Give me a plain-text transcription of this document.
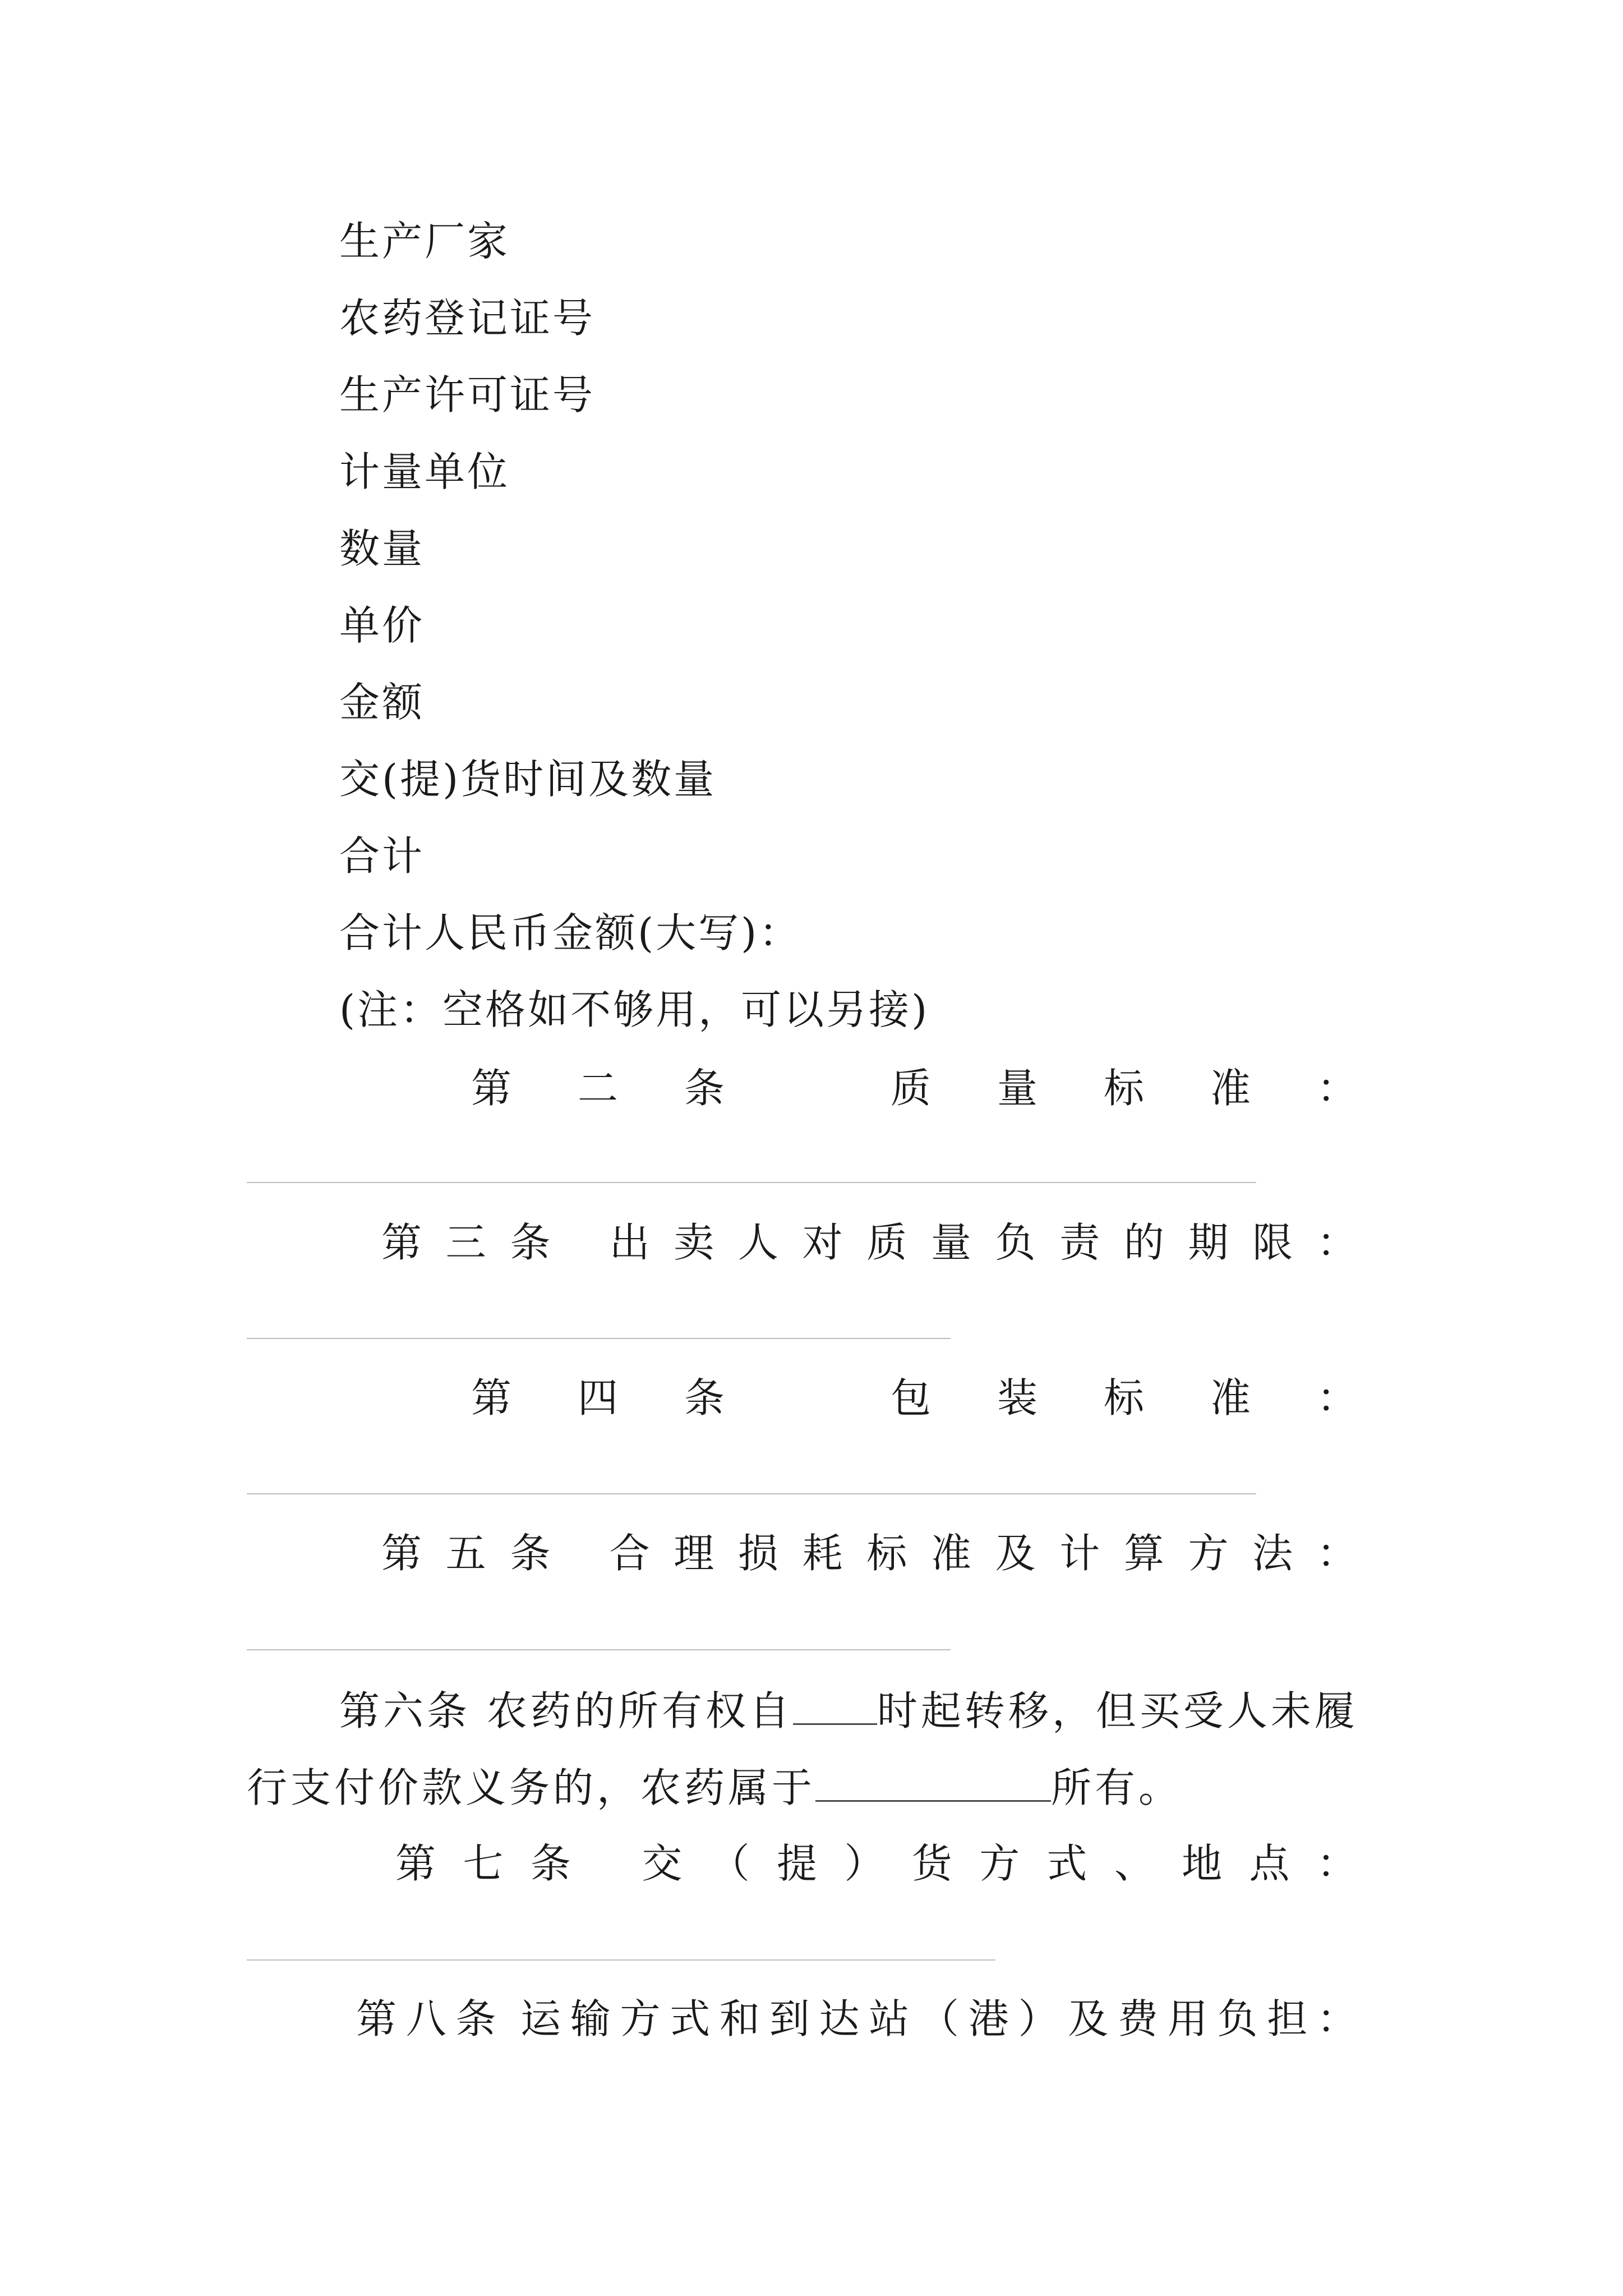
生产厂家
农药登记证号
生产许可证号
计量单位
数量
单价
金额
交(提)货时间及数量
合计
合计人民币金额(大写)：
(注：空格如不够用，可以另接)
第 二 条	质 量 标 准 ：
第 三 条 出 卖 人 对 质 量 负 责 的 期 限 ：
第 四 条	包 装 标 准 ：
第 五 条 合 理 损 耗 标 准 及 计 算 方 法 ：
第六条 农药的所有权自 时起转移，但买受人未履
行支付价款义务的，农药属于	所有。
第 七 条 交 （ 提 ） 货 方 式 、 地 点 ：
第 八 条 运 输 方 式 和 到 达 站 （ 港 ） 及 费 用 负 担 ：
